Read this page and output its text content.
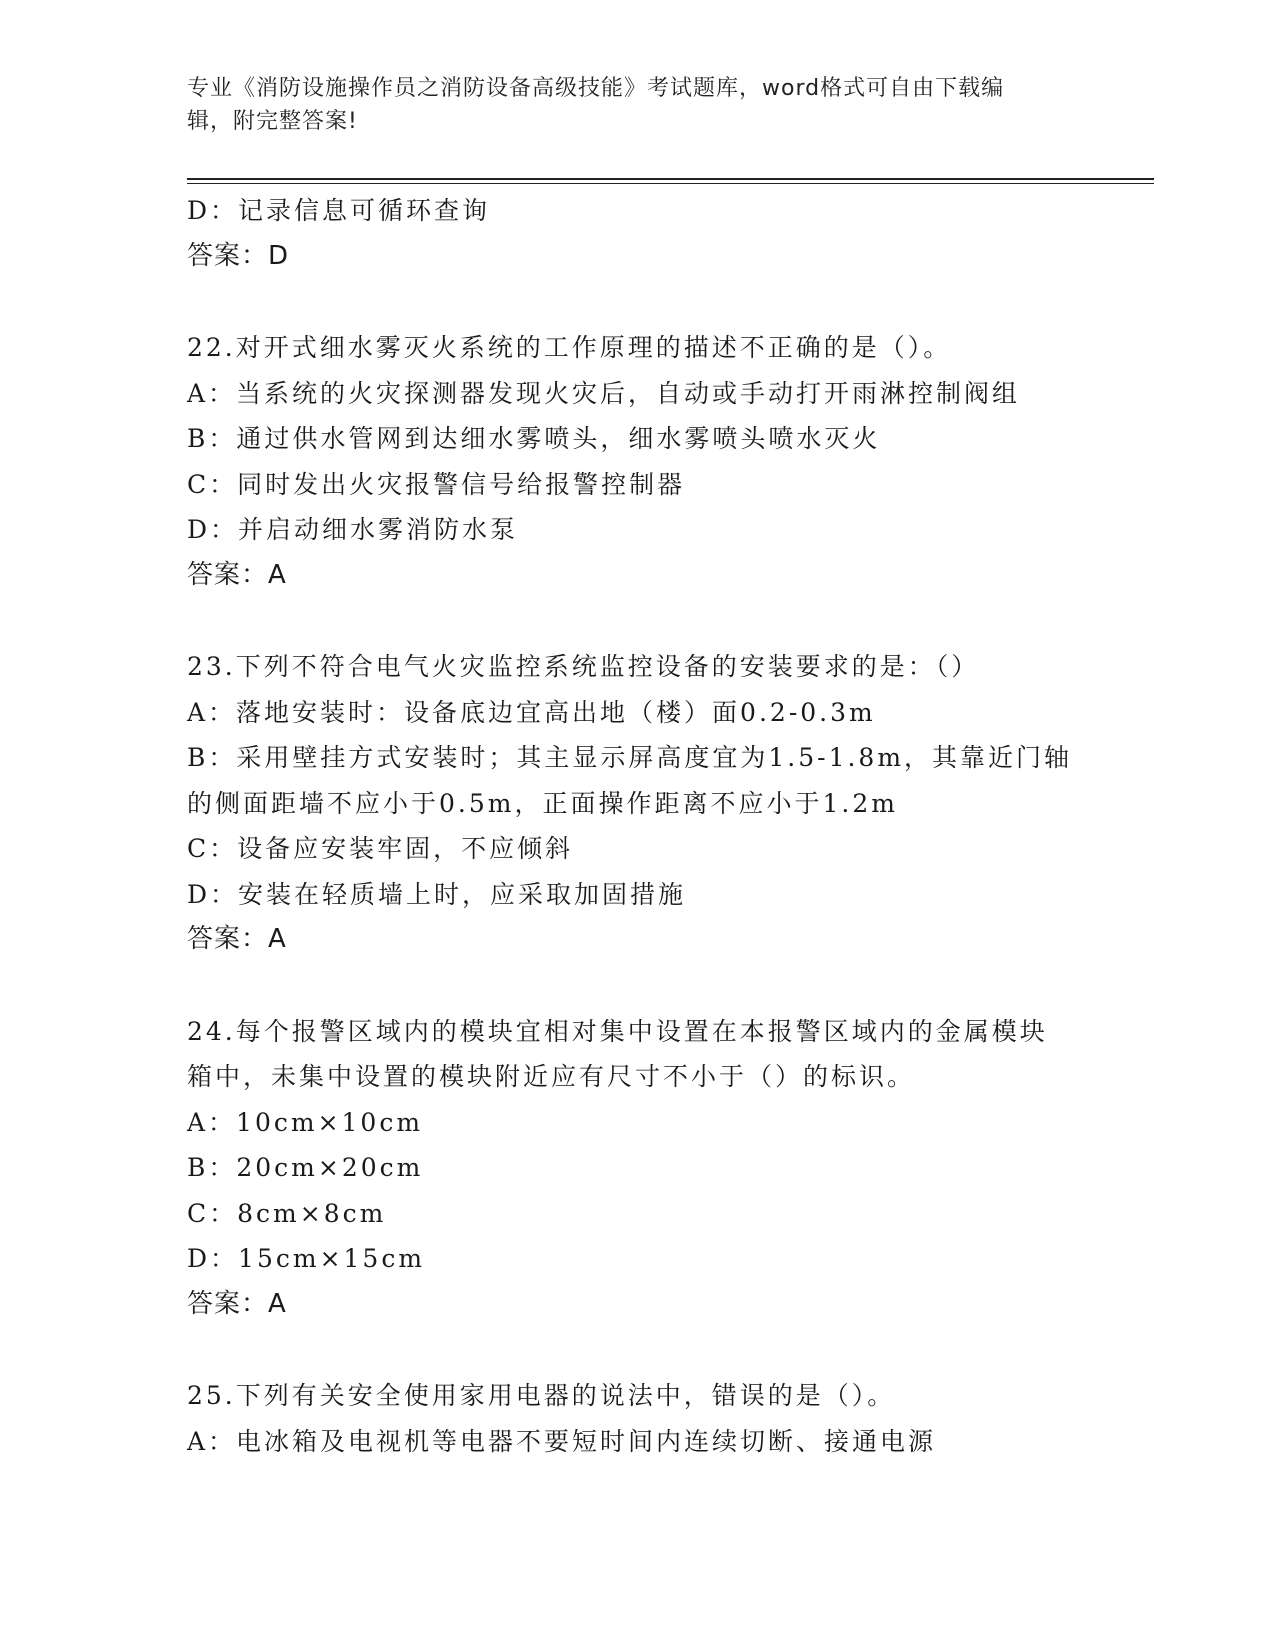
专业《消防设施操作员之消防设备高级技能》考试题库，word格式可自由下载编
辑，附完整答案!
D：记录信息可循环查询
答案：D
22.对开式细水雾灭火系统的工作原理的描述不正确的是（）。
A：当系统的火灾探测器发现火灾后，自动或手动打开雨淋控制阀组
B：通过供水管网到达细水雾喷头，细水雾喷头喷水灭火
C：同时发出火灾报警信号给报警控制器
D：并启动细水雾消防水泵
答案：A
23.下列不符合电气火灾监控系统监控设备的安装要求的是：（）
A：落地安装时：设备底边宜高出地（楼）面0.2-0.3m
B：采用壁挂方式安装时；其主显示屏高度宜为1.5-1.8m，其靠近门轴
的侧面距墙不应小于0.5m，正面操作距离不应小于1.2m
C：设备应安装牢固，不应倾斜
D：安装在轻质墙上时，应采取加固措施
答案：A
24.每个报警区域内的模块宜相对集中设置在本报警区域内的金属模块
箱中，未集中设置的模块附近应有尺寸不小于（）的标识。
A：10cm×10cm
B：20cm×20cm
C：8cm×8cm
D：15cm×15cm
答案：A
25.下列有关安全使用家用电器的说法中，错误的是（）。
A：电冰箱及电视机等电器不要短时间内连续切断、接通电源
